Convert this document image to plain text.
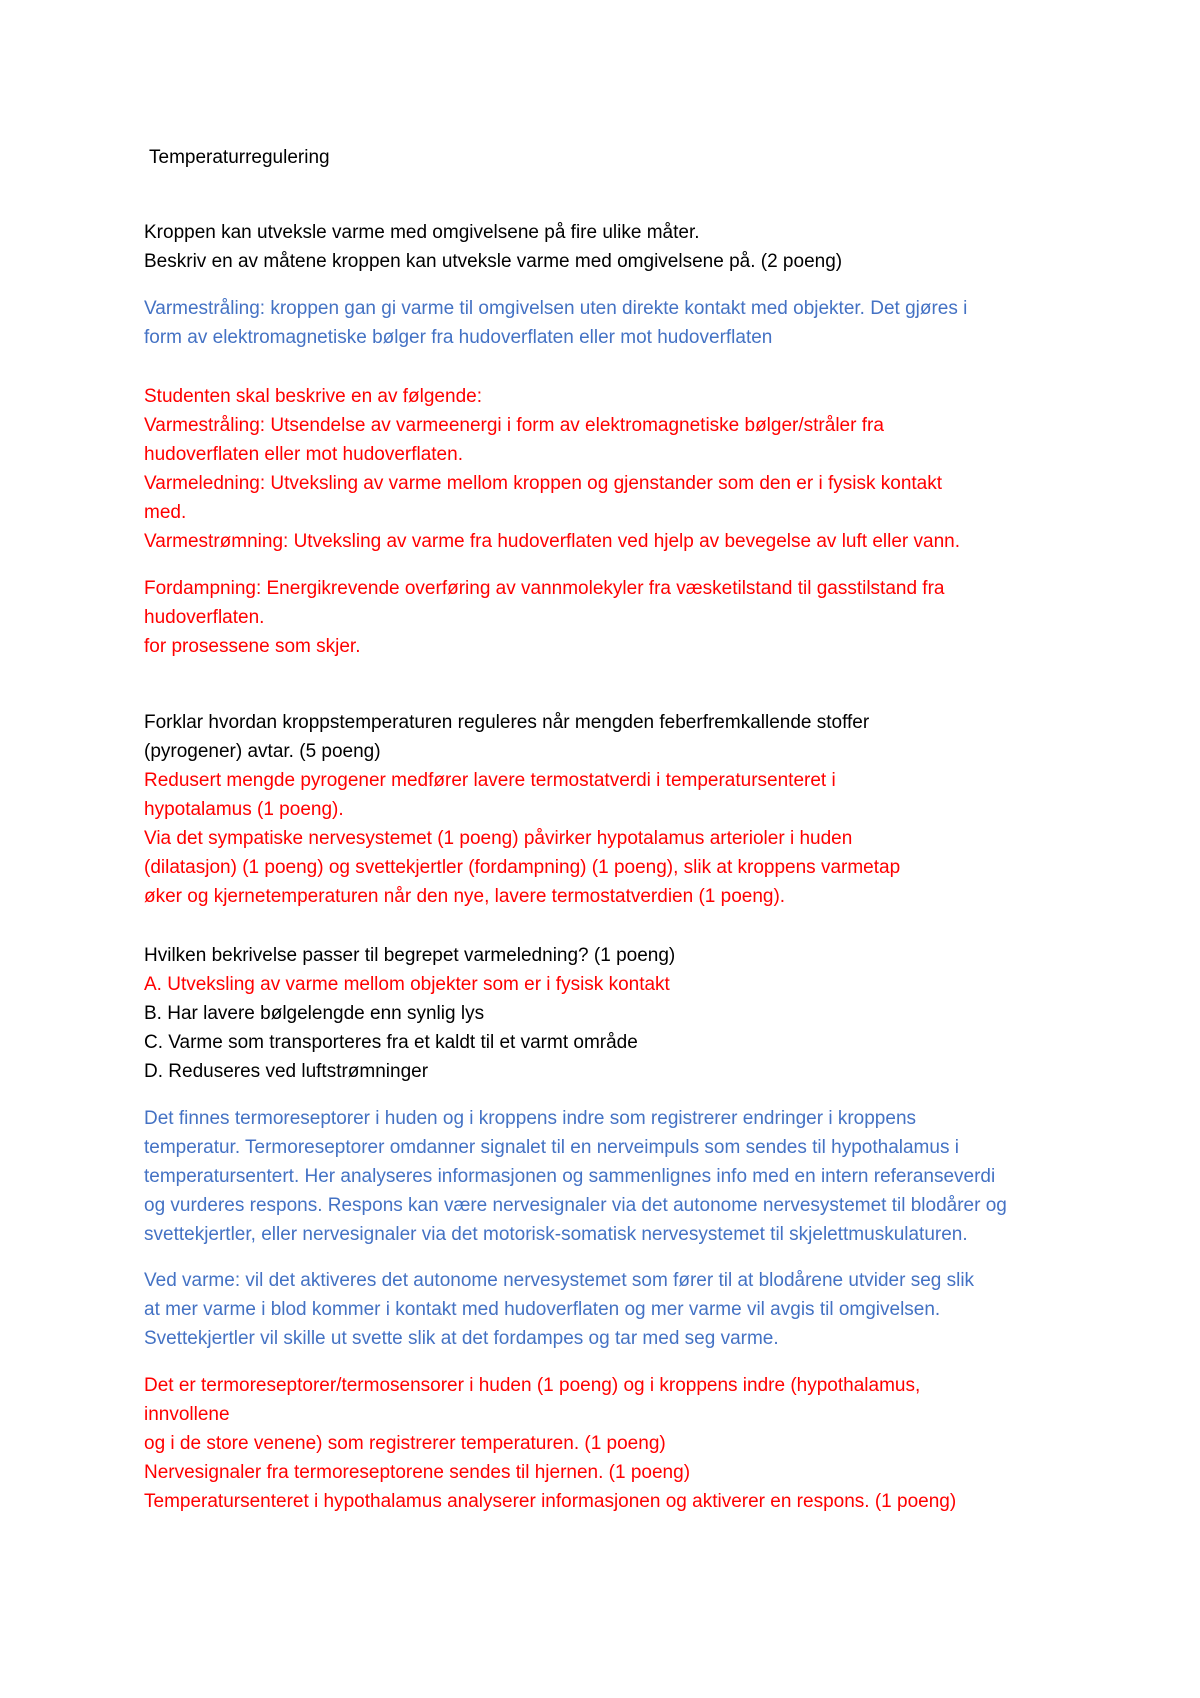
Temperaturregulering

Kroppen kan utveksle varme med omgivelsene på fire ulike måter.

Beskriv en av måtene kroppen kan utveksle varme med omgivelsene på. (2 poeng)

Varmestråling: kroppen gan gi varme til omgivelsen uten direkte kontakt med objekter. Det gjøres i

form av elektromagnetiske bølger fra hudoverflaten eller mot hudoverflaten

Studenten skal beskrive en av følgende:

Varmestråling: Utsendelse av varmeenergi i form av elektromagnetiske bølger/stråler fra

hudoverflaten eller mot hudoverflaten.

Varmeledning: Utveksling av varme mellom kroppen og gjenstander som den er i fysisk kontakt

med.

Varmestrømning: Utveksling av varme fra hudoverflaten ved hjelp av bevegelse av luft eller vann.

Fordampning: Energikrevende overføring av vannmolekyler fra væsketilstand til gasstilstand fra

hudoverflaten.

for prosessene som skjer.

Forklar hvordan kroppstemperaturen reguleres når mengden feberfremkallende stoffer

(pyrogener) avtar. (5 poeng)

Redusert mengde pyrogener medfører lavere termostatverdi i temperatursenteret i

hypotalamus (1 poeng).

Via det sympatiske nervesystemet (1 poeng) påvirker hypotalamus arterioler i huden

(dilatasjon) (1 poeng) og svettekjertler (fordampning) (1 poeng), slik at kroppens varmetap

øker og kjernetemperaturen når den nye, lavere termostatverdien (1 poeng).

Hvilken bekrivelse passer til begrepet varmeledning? (1 poeng)

A. Utveksling av varme mellom objekter som er i fysisk kontakt

B. Har lavere bølgelengde enn synlig lys

C. Varme som transporteres fra et kaldt til et varmt område

D. Reduseres ved luftstrømninger

Det finnes termoreseptorer i huden og i kroppens indre som registrerer endringer i kroppens

temperatur. Termoreseptorer omdanner signalet til en nerveimpuls som sendes til hypothalamus i

temperatursentert. Her analyseres informasjonen og sammenlignes info med en intern referanseverdi

og vurderes respons. Respons kan være nervesignaler via det autonome nervesystemet til blodårer og

svettekjertler, eller nervesignaler via det motorisk-somatisk nervesystemet til skjelettmuskulaturen.

Ved varme: vil det aktiveres det autonome nervesystemet som fører til at blodårene utvider seg slik

at mer varme i blod kommer i kontakt med hudoverflaten og mer varme vil avgis til omgivelsen.

Svettekjertler vil skille ut svette slik at det fordampes og tar med seg varme.

Det er termoreseptorer/termosensorer i huden (1 poeng) og i kroppens indre (hypothalamus,

innvollene

og i de store venene) som registrerer temperaturen. (1 poeng)

Nervesignaler fra termoreseptorene sendes til hjernen. (1 poeng)

Temperatursenteret i hypothalamus analyserer informasjonen og aktiverer en respons. (1 poeng)
